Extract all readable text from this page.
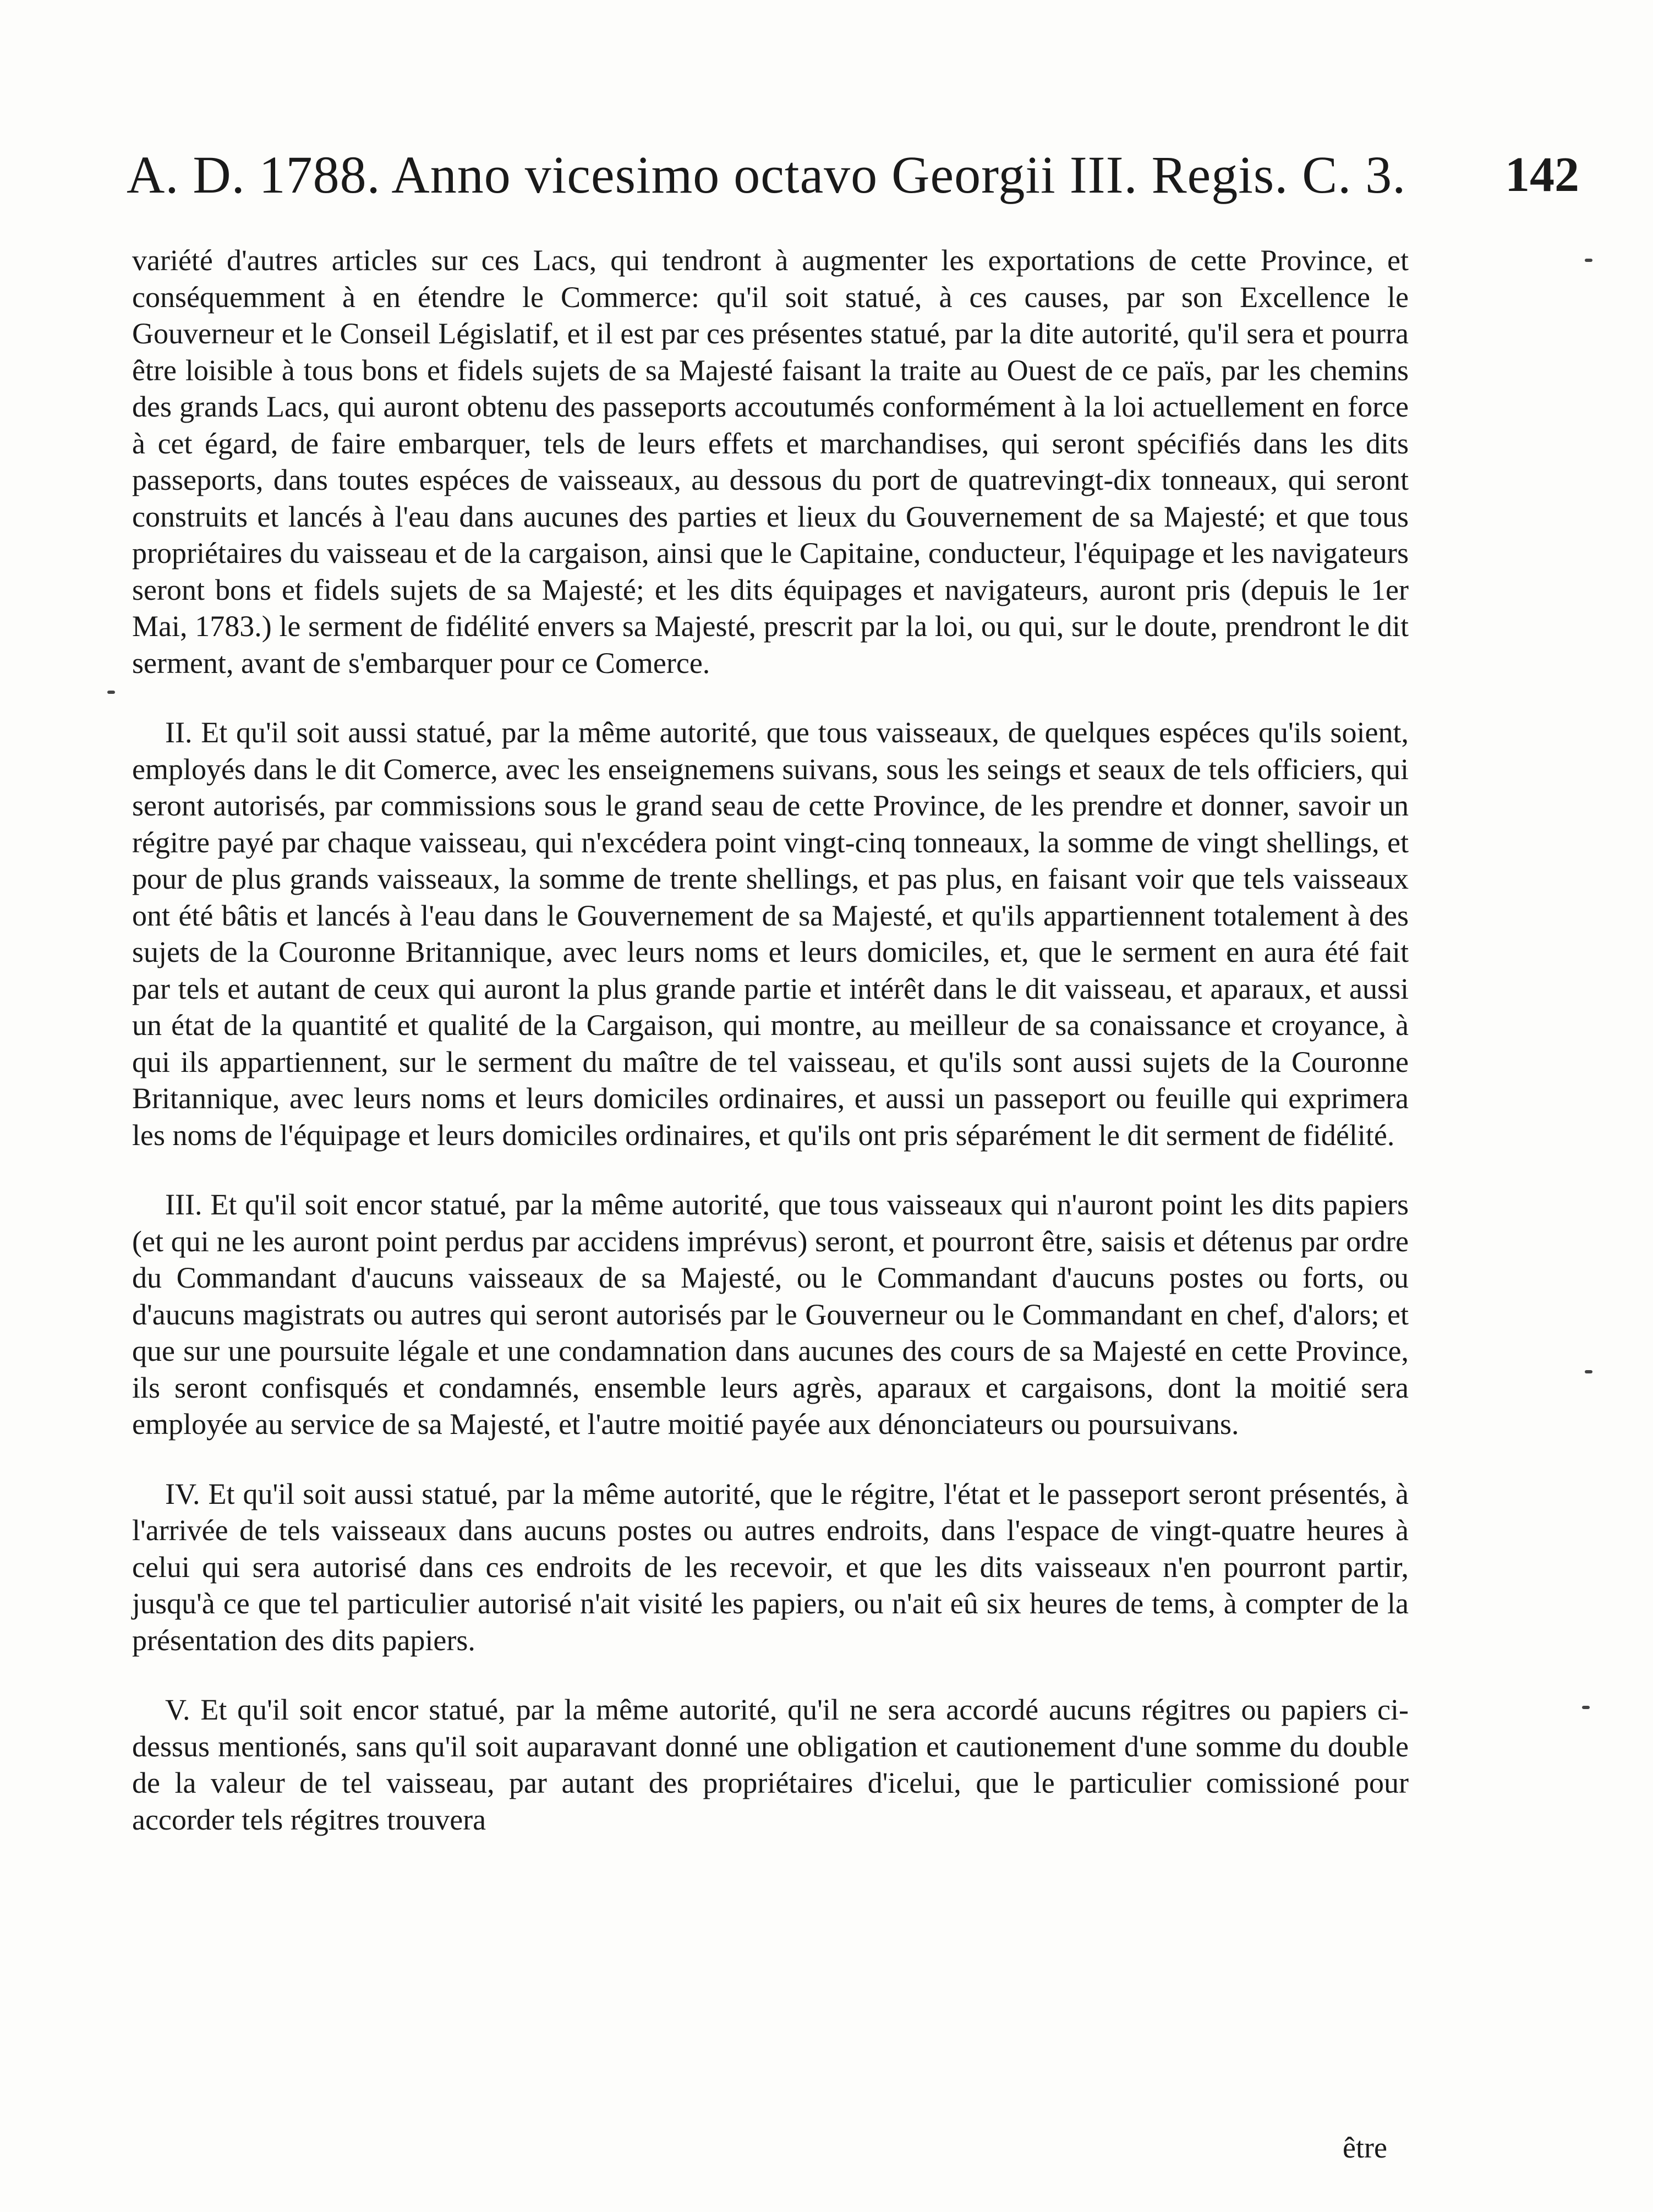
A. D. 1788. Anno vicesimo octavo Georgii III. Regis. C. 3.	142

variété d'autres articles sur ces Lacs, qui tendront à augmenter les exportations de cette Province, et conséquemment à en étendre le Commerce: qu'il soit statué, à ces causes, par son Excellence le Gouverneur et le Conseil Législatif, et il est par ces présentes statué, par la dite autorité, qu'il sera et pourra être loisible à tous bons et fidels sujets de sa Majesté faisant la traite au Ouest de ce païs, par les chemins des grands Lacs, qui auront obtenu des passeports accoutumés conformément à la loi actuellement en force à cet égard, de faire embarquer, tels de leurs effets et marchandises, qui seront spécifiés dans les dits passeports, dans toutes espéces de vaisseaux, au dessous du port de quatrevingt-dix tonneaux, qui seront construits et lancés à l'eau dans aucunes des parties et lieux du Gouvernement de sa Majesté; et que tous propriétaires du vaisseau et de la cargaison, ainsi que le Capitaine, conducteur, l'équipage et les navigateurs seront bons et fidels sujets de sa Majesté; et les dits équipages et navigateurs, auront pris (depuis le 1er Mai, 1783.) le serment de fidélité envers sa Majesté, prescrit par la loi, ou qui, sur le doute, prendront le dit serment, avant de s'embarquer pour ce Comerce.

II. Et qu'il soit aussi statué, par la même autorité, que tous vaisseaux, de quelques espéces qu'ils soient, employés dans le dit Comerce, avec les enseignemens suivans, sous les seings et seaux de tels officiers, qui seront autorisés, par commissions sous le grand seau de cette Province, de les prendre et donner, savoir un régitre payé par chaque vaisseau, qui n'excédera point vingt-cinq tonneaux, la somme de vingt shellings, et pour de plus grands vaisseaux, la somme de trente shellings, et pas plus, en faisant voir que tels vaisseaux ont été bâtis et lancés à l'eau dans le Gouvernement de sa Majesté, et qu'ils appartiennent totalement à des sujets de la Couronne Britannique, avec leurs noms et leurs domiciles, et, que le serment en aura été fait par tels et autant de ceux qui auront la plus grande partie et intérêt dans le dit vaisseau, et aparaux, et aussi un état de la quantité et qualité de la Cargaison, qui montre, au meilleur de sa conaissance et croyance, à qui ils appartiennent, sur le serment du maître de tel vaisseau, et qu'ils sont aussi sujets de la Couronne Britannique, avec leurs noms et leurs domiciles ordinaires, et aussi un passeport ou feuille qui exprimera les noms de l'équipage et leurs domiciles ordinaires, et qu'ils ont pris séparément le dit serment de fidélité.

III. Et qu'il soit encor statué, par la même autorité, que tous vaisseaux qui n'auront point les dits papiers (et qui ne les auront point perdus par accidens imprévus) seront, et pourront être, saisis et détenus par ordre du Commandant d'aucuns vaisseaux de sa Majesté, ou le Commandant d'aucuns postes ou forts, ou d'aucuns magistrats ou autres qui seront autorisés par le Gouverneur ou le Commandant en chef, d'alors; et que sur une poursuite légale et une condamnation dans aucunes des cours de sa Majesté en cette Province, ils seront confisqués et condamnés, ensemble leurs agrès, aparaux et cargaisons, dont la moitié sera employée au service de sa Majesté, et l'autre moitié payée aux dénonciateurs ou poursuivans.

IV. Et qu'il soit aussi statué, par la même autorité, que le régitre, l'état et le passeport seront présentés, à l'arrivée de tels vaisseaux dans aucuns postes ou autres endroits, dans l'espace de vingt-quatre heures à celui qui sera autorisé dans ces endroits de les recevoir, et que les dits vaisseaux n'en pourront partir, jusqu'à ce que tel particulier autorisé n'ait visité les papiers, ou n'ait eû six heures de tems, à compter de la présentation des dits papiers.

V. Et qu'il soit encor statué, par la même autorité, qu'il ne sera accordé aucuns régitres ou papiers ci-dessus mentionés, sans qu'il soit auparavant donné une obligation et cautionement d'une somme du double de la valeur de tel vaisseau, par autant des propriétaires d'icelui, que le particulier comissioné pour accorder tels régitres trouvera

être
